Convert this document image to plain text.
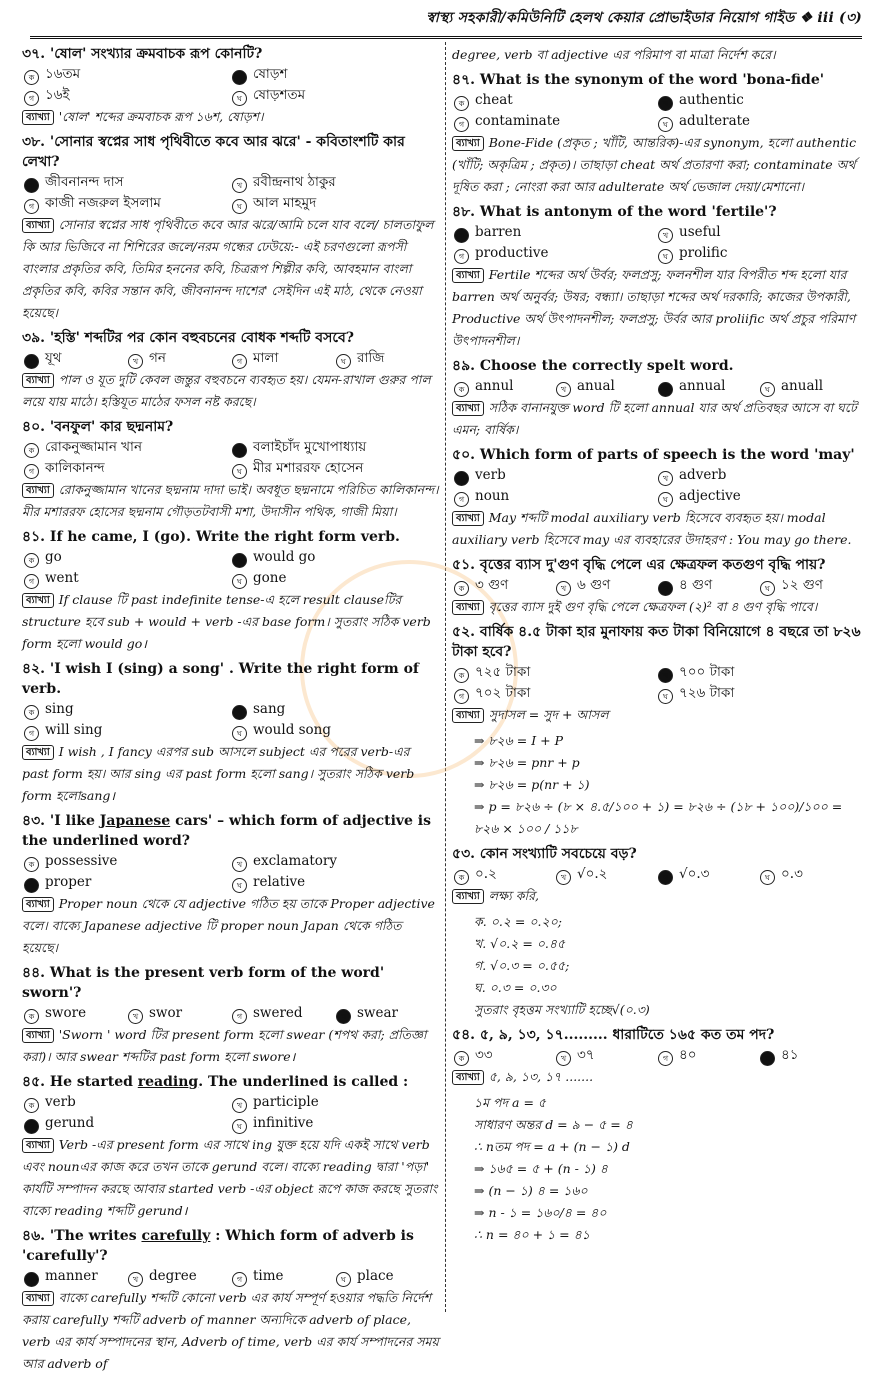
স্বাস্থ্য সহকারী/কমিউনিটি হেলথ কেয়ার প্রোভাইডার নিয়োগ গাইড ❖ iii (৩)

৩৭. 'ষোল' সংখ্যার ক্রমবাচক রূপ কোনটি?

ক ১৬তম	খ ষোড়শ
গ ১৬ই	ঘ ষোড়শতম

ব্যাখ্যা 'ষোল' শব্দের ক্রমবাচক রূপ ১৬শ, ষোড়শ।

৩৮. 'সোনার স্বপ্নের সাধ পৃথিবীতে কবে আর ঝরে' - কবিতাংশটি কার লেখা?

ক জীবনানন্দ দাস	খ রবীন্দ্রনাথ ঠাকুর
গ কাজী নজরুল ইসলাম	ঘ আল মাহমুদ

ব্যাখ্যা সোনার স্বপ্নের সাধ পৃথিবীতে কবে আর ঝরে/আমি চলে যাব বলে/ চালতাফুল কি আর ভিজিবে না শিশিরের জলে/নরম গন্ধের ঢেউয়ে:- এই চরণগুলো রূপসী বাংলার প্রকৃতির কবি, তিমির হননের কবি, চিত্ররূপ শিল্পীর কবি, আবহমান বাংলা প্রকৃতির কবি, কবির সন্তান কবি, জীবনানন্দ দাশের' সেইদিন এই মাঠ, থেকে নেওয়া হয়েছে।

৩৯. 'হস্তি' শব্দটির পর কোন বহুবচনের বোধক শব্দটি বসবে?

ক যূথ	খ গন	গ মালা	ঘ রাজি

ব্যাখ্যা পাল ও যূত দুটি কেবল জন্তুর বহুবচনে ব্যবহৃত হয়। যেমন-রাখাল গুরুর পাল লয়ে যায় মাঠে। হস্তিযূত মাঠের ফসল নষ্ট করছে।

৪০. 'বনফুল' কার ছদ্মনাম?

ক রোকনুজ্জামান খান	খ বলাইচাঁদ মুখোপাধ্যায়
গ কালিকানন্দ	ঘ মীর মশাররফ হোসেন

ব্যাখ্যা রোকনুজ্জামান খানের ছদ্মনাম দাদা ভাই। অবধূত ছদ্মনামে পরিচিত কালিকানন্দ। মীর মশাররফ হোসের ছদ্মনাম গৌড়তটবাসী মশা, উদাসীন পথিক, গাজী মিয়া।

৪১. If he came, I (go). Write the right form verb.

ক go	খ would go
গ went	ঘ gone

ব্যাখ্যা If clause টি past indefinite tense-এ হলে result clauseটির structure হবে sub + would + verb -এর base form। সুতরাং সঠিক verb form হলো would go।

৪২. 'I wish I (sing) a song' . Write the right form of verb.

ক sing	খ sang
গ will sing	ঘ would song

ব্যাখ্যা I wish , I fancy এরপর sub আসলে subject এর পরের verb-এর past form হয়। আর sing এর past form হলো sang। সুতরাং সঠিক verb form হলোsang।

৪৩. 'I like Japanese cars' – which form of adjective is the underlined word?

ক possessive	খ exclamatory
গ proper	ঘ relative

ব্যাখ্যা Proper noun থেকে যে adjective গঠিত হয় তাকে Proper adjective বলে। বাক্যে Japanese adjective টি proper noun Japan থেকে গঠিত হয়েছে।

৪৪. What is the present verb form of the word' sworn'?

ক swore	খ swor	গ swered	ঘ swear

ব্যাখ্যা 'Sworn ' word টির present form হলো swear (শপথ করা; প্রতিজ্ঞা করা)। আর swear শব্দটির past form হলো swore।

৪৫. He started reading. The underlined is called :

ক verb	খ participle
গ gerund	ঘ infinitive

ব্যাখ্যা Verb -এর present form এর সাথে ing যুক্ত হয়ে যদি একই সাথে verb এবং nounএর কাজ করে তখন তাকে gerund বলে। বাক্যে reading দ্বারা 'পড়া' কার্যটি সম্পাদন করছে আবার started verb -এর object রূপে কাজ করছে সুতরাং বাক্যে reading শব্দটি gerund।

৪৬. 'The writes carefully : Which form of adverb is 'carefully'?

ক manner	খ degree	গ time	ঘ place

ব্যাখ্যা বাক্যে carefully শব্দটি কোনো verb এর কার্য সম্পূর্ণ হওয়ার পদ্ধতি নির্দেশ করায় carefully শব্দটি adverb of manner অন্যদিকে adverb of place, verb এর কার্য সম্পাদনের স্থান, Adverb of time, verb এর কার্য সম্পাদনের সময় আর adverb of

degree, verb বা adjective এর পরিমাপ বা মাত্রা নির্দেশ করে।

৪৭. What is the synonym of the word 'bona-fide'

ক cheat	খ authentic
গ contaminate	ঘ adulterate

ব্যাখ্যা Bone-Fide (প্রকৃত ; খাঁটি, আন্তরিক)-এর synonym, হলো authentic (খাঁটি; অকৃত্রিম ; প্রকৃত)। তাছাড়া cheat অর্থ প্রতারণা করা; contaminate অর্থ দূষিত করা ; নোংরা করা আর adulterate অর্থ ভেজাল দেয়া/মেশানো।

৪৮. What is antonym of the word 'fertile'?

ক barren	খ useful
গ productive	ঘ prolific

ব্যাখ্যা Fertile শব্দের অর্থ উর্বর; ফলপ্রসু; ফলনশীল যার বিপরীত শব্দ হলো যার barren অর্থ অনুর্বর; উষর; বন্ধ্যা। তাছাড়া শব্দের অর্থ দরকারি; কাজের উপকারী, Productive অর্থ উৎপাদনশীল; ফলপ্রসু; উর্বর আর proliific অর্থ প্রচুর পরিমাণ উৎপাদনশীল।

৪৯. Choose the correctly spelt word.

ক annul	খ anual	গ annual	ঘ anuall

ব্যাখ্যা সঠিক বানানযুক্ত word টি হলো annual যার অর্থ প্রতিবছর আসে বা ঘটে এমন; বার্ষিক।

৫০. Which form of parts of speech is the word 'may'

ক verb	খ adverb
গ noun	ঘ adjective

ব্যাখ্যা May শব্দটি modal auxiliary verb হিসেবে ব্যবহৃত হয়। modal auxiliary verb হিসেবে may এর ব্যবহারের উদাহরণ : You may go there.

৫১. বৃত্তের ব্যাস দু'গুণ বৃদ্ধি পেলে এর ক্ষেত্রফল কতগুণ বৃদ্ধি পায়?

ক ৩ গুণ	খ ৬ গুণ	গ ৪ গুণ	ঘ ১২ গুণ

ব্যাখ্যা বৃত্তের ব্যাস দুই গুণ বৃদ্ধি পেলে ক্ষেত্রফল (২)² বা ৪ গুণ বৃদ্ধি পাবে।

৫২. বার্ষিক ৪.৫ টাকা হার মুনাফায় কত টাকা বিনিয়োগে ৪ বছরে তা ৮২৬ টাকা হবে?

ক ৭২৫ টাকা	খ ৭০০ টাকা
গ ৭০২ টাকা	ঘ ৭২৬ টাকা

ব্যাখ্যা সুদাসল = সুদ + আসল

⇒ ৮২৬ = I + P
⇒ ৮২৬ = pnr + p
⇒ ৮২৬ = p(nr + ১)
⇒ p = ৮২৬ ÷ (৮ × ৪.৫/১০০ + ১) = ৮২৬ ÷ (১৮ + ১০০)/১০০ = ৮২৬ × ১০০ / ১১৮

৫৩. কোন সংখ্যাটি সবচেয়ে বড়?

ক ০.২	খ √০.২	গ √০.৩	ঘ ০.৩

ব্যাখ্যা লক্ষ্য করি,

ক. ০.২ = ০.২০;
খ. √০.২ = ০.৪৫
গ. √০.৩ = ০.৫৫;
ঘ. ০.৩ = ০.৩০
সুতরাং বৃহত্তম সংখ্যাটি হচ্ছে√(০.৩)

৫৪. ৫, ৯, ১৩, ১৭......... ধারাটিতে ১৬৫ কত তম পদ?

ক ৩৩	খ ৩৭	গ ৪০	ঘ ৪১

ব্যাখ্যা ৫, ৯, ১৩, ১৭ .......

১ম পদ a = ৫
সাধারণ অন্তর d = ৯ − ৫ = ৪
∴ nতম পদ = a + (n − ১) d
⇒ ১৬৫ = ৫ + (n - ১) ৪
⇒ (n − ১) ৪ = ১৬০
⇒ n - ১ = ১৬০/৪ = ৪০
∴ n = ৪০ + ১ = ৪১
